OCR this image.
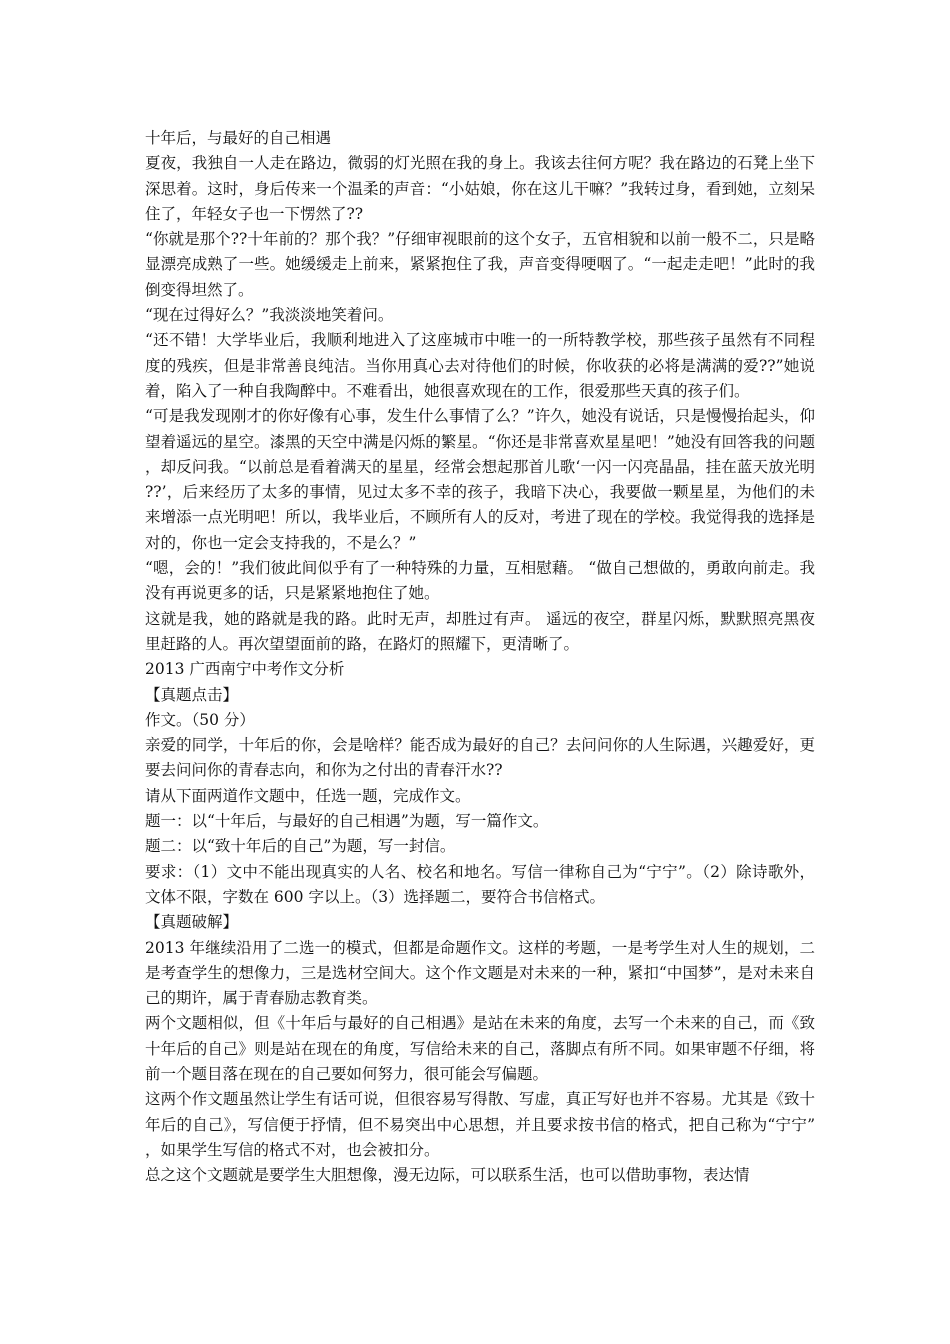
十年后，与最好的自己相遇

夏夜，我独自一人走在路边，微弱的灯光照在我的身上。我该去往何方呢？我在路边的石凳上坐下深思着。这时，身后传来一个温柔的声音：“小姑娘，你在这儿干嘛？”我转过身，看到她，立刻呆住了，年轻女子也一下愣然了??

“你就是那个??十年前的？那个我？”仔细审视眼前的这个女子，五官相貌和以前一般不二，只是略显漂亮成熟了一些。她缓缓走上前来，紧紧抱住了我，声音变得哽咽了。“一起走走吧！”此时的我倒变得坦然了。

“现在过得好么？”我淡淡地笑着问。

“还不错！大学毕业后，我顺利地进入了这座城市中唯一的一所特教学校，那些孩子虽然有不同程度的残疾，但是非常善良纯洁。当你用真心去对待他们的时候，你收获的必将是满满的爱??”她说着，陷入了一种自我陶醉中。不难看出，她很喜欢现在的工作，很爱那些天真的孩子们。

“可是我发现刚才的你好像有心事，发生什么事情了么？”许久，她没有说话，只是慢慢抬起头，仰望着遥远的星空。漆黑的天空中满是闪烁的繁星。“你还是非常喜欢星星吧！”她没有回答我的问题，却反问我。“以前总是看着满天的星星，经常会想起那首儿歌‘一闪一闪亮晶晶，挂在蓝天放光明??’，后来经历了太多的事情，见过太多不幸的孩子，我暗下决心，我要做一颗星星，为他们的未来增添一点光明吧！所以，我毕业后，不顾所有人的反对，考进了现在的学校。我觉得我的选择是对的，你也一定会支持我的，不是么？”

“嗯，会的！”我们彼此间似乎有了一种特殊的力量，互相慰藉。 “做自己想做的，勇敢向前走。我没有再说更多的话，只是紧紧地抱住了她。

这就是我，她的路就是我的路。此时无声，却胜过有声。 遥远的夜空，群星闪烁，默默照亮黑夜里赶路的人。再次望望面前的路，在路灯的照耀下，更清晰了。

2013 广西南宁中考作文分析

【真题点击】

作文。（50 分）

亲爱的同学，十年后的你，会是啥样？能否成为最好的自己？去问问你的人生际遇，兴趣爱好，更要去问问你的青春志向，和你为之付出的青春汗水??

请从下面两道作文题中，任选一题，完成作文。

题一：以“十年后，与最好的自己相遇”为题，写一篇作文。

题二：以“致十年后的自己”为题，写一封信。

要求：（1）文中不能出现真实的人名、校名和地名。写信一律称自己为“宁宁”。（2）除诗歌外，文体不限，字数在 600 字以上。（3）选择题二，要符合书信格式。

【真题破解】

2013 年继续沿用了二选一的模式，但都是命题作文。这样的考题，一是考学生对人生的规划，二是考查学生的想像力，三是选材空间大。这个作文题是对未来的一种，紧扣“中国梦”，是对未来自己的期许，属于青春励志教育类。

两个文题相似，但《十年后与最好的自己相遇》是站在未来的角度，去写一个未来的自己，而《致十年后的自己》则是站在现在的角度，写信给未来的自己，落脚点有所不同。如果审题不仔细，将前一个题目落在现在的自己要如何努力，很可能会写偏题。

这两个作文题虽然让学生有话可说，但很容易写得散、写虚，真正写好也并不容易。尤其是《致十年后的自己》，写信便于抒情，但不易突出中心思想，并且要求按书信的格式，把自己称为“宁宁”，如果学生写信的格式不对，也会被扣分。

总之这个文题就是要学生大胆想像，漫无边际，可以联系生活，也可以借助事物，表达情
